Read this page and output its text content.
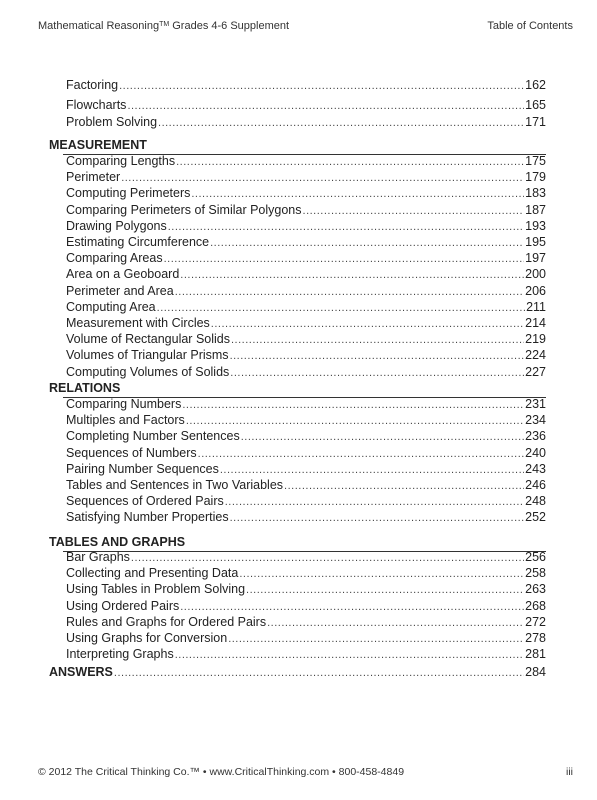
Mathematical Reasoning™ Grades 4-6 Supplement	Table of Contents
Factoring .....	162
Flowcharts .....	165
Problem Solving .....	171
MEASUREMENT
Comparing Lengths .....	175
Perimeter .....	179
Computing Perimeters .....	183
Comparing Perimeters of Similar Polygons .....	187
Drawing Polygons .....	193
Estimating Circumference .....	195
Comparing Areas .....	197
Area on a Geoboard .....	200
Perimeter and Area .....	206
Computing Area .....	211
Measurement with Circles .....	214
Volume of Rectangular Solids .....	219
Volumes of Triangular Prisms .....	224
Computing Volumes of Solids .....	227
RELATIONS
Comparing Numbers .....	231
Multiples and Factors .....	234
Completing Number Sentences .....	236
Sequences of Numbers .....	240
Pairing Number Sequences .....	243
Tables and Sentences in Two Variables .....	246
Sequences of Ordered Pairs .....	248
Satisfying Number Properties .....	252
TABLES AND GRAPHS
Bar Graphs .....	256
Collecting and Presenting Data .....	258
Using Tables in Problem Solving .....	263
Using Ordered Pairs .....	268
Rules and Graphs for Ordered Pairs .....	272
Using Graphs for Conversion .....	278
Interpreting Graphs .....	281
ANSWERS .....	284
© 2012 The Critical Thinking Co.™ • www.CriticalThinking.com • 800-458-4849	iii
